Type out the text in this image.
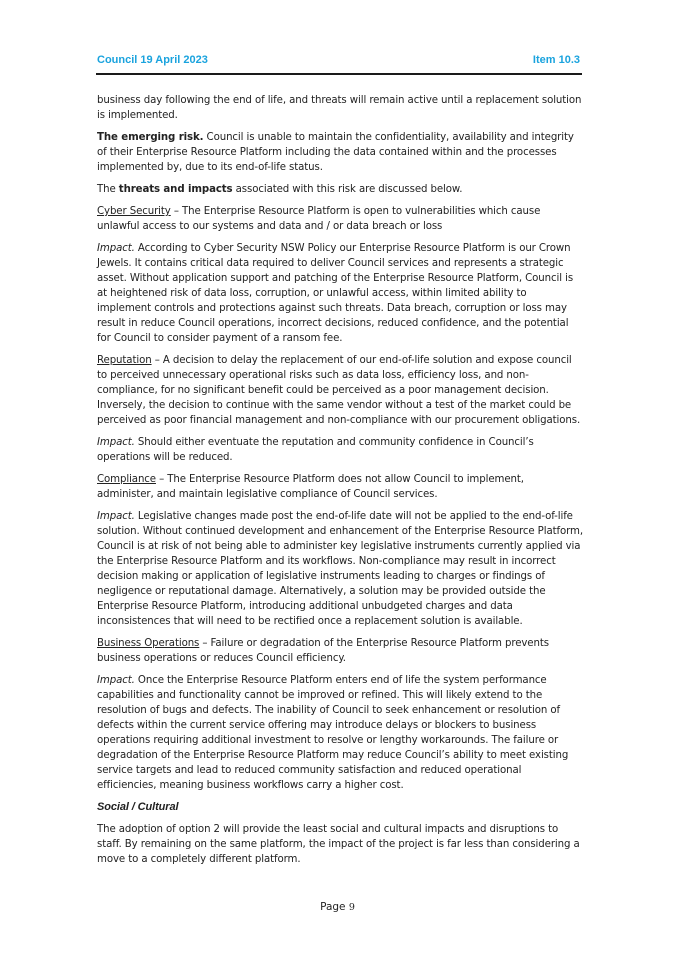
Council 19 April 2023	Item 10.3

business day following the end of life, and threats will remain active until a replacement solution is implemented.

The emerging risk. Council is unable to maintain the confidentiality, availability and integrity of their Enterprise Resource Platform including the data contained within and the processes implemented by, due to its end-of-life status.

The threats and impacts associated with this risk are discussed below.

Cyber Security – The Enterprise Resource Platform is open to vulnerabilities which cause unlawful access to our systems and data and / or data breach or loss

Impact. According to Cyber Security NSW Policy our Enterprise Resource Platform is our Crown Jewels. It contains critical data required to deliver Council services and represents a strategic asset. Without application support and patching of the Enterprise Resource Platform, Council is at heightened risk of data loss, corruption, or unlawful access, within limited ability to implement controls and protections against such threats. Data breach, corruption or loss may result in reduce Council operations, incorrect decisions, reduced confidence, and the potential for Council to consider payment of a ransom fee.

Reputation – A decision to delay the replacement of our end-of-life solution and expose council to perceived unnecessary operational risks such as data loss, efficiency loss, and non-compliance, for no significant benefit could be perceived as a poor management decision. Inversely, the decision to continue with the same vendor without a test of the market could be perceived as poor financial management and non-compliance with our procurement obligations.

Impact. Should either eventuate the reputation and community confidence in Council’s operations will be reduced.

Compliance – The Enterprise Resource Platform does not allow Council to implement, administer, and maintain legislative compliance of Council services.

Impact. Legislative changes made post the end-of-life date will not be applied to the end-of-life solution. Without continued development and enhancement of the Enterprise Resource Platform, Council is at risk of not being able to administer key legislative instruments currently applied via the Enterprise Resource Platform and its workflows. Non-compliance may result in incorrect decision making or application of legislative instruments leading to charges or findings of negligence or reputational damage. Alternatively, a solution may be provided outside the Enterprise Resource Platform, introducing additional unbudgeted charges and data inconsistences that will need to be rectified once a replacement solution is available.

Business Operations – Failure or degradation of the Enterprise Resource Platform prevents business operations or reduces Council efficiency.

Impact. Once the Enterprise Resource Platform enters end of life the system performance capabilities and functionality cannot be improved or refined. This will likely extend to the resolution of bugs and defects. The inability of Council to seek enhancement or resolution of defects within the current service offering may introduce delays or blockers to business operations requiring additional investment to resolve or lengthy workarounds. The failure or degradation of the Enterprise Resource Platform may reduce Council’s ability to meet existing service targets and lead to reduced community satisfaction and reduced operational efficiencies, meaning business workflows carry a higher cost.

Social / Cultural

The adoption of option 2 will provide the least social and cultural impacts and disruptions to staff. By remaining on the same platform, the impact of the project is far less than considering a move to a completely different platform.

Page 9
